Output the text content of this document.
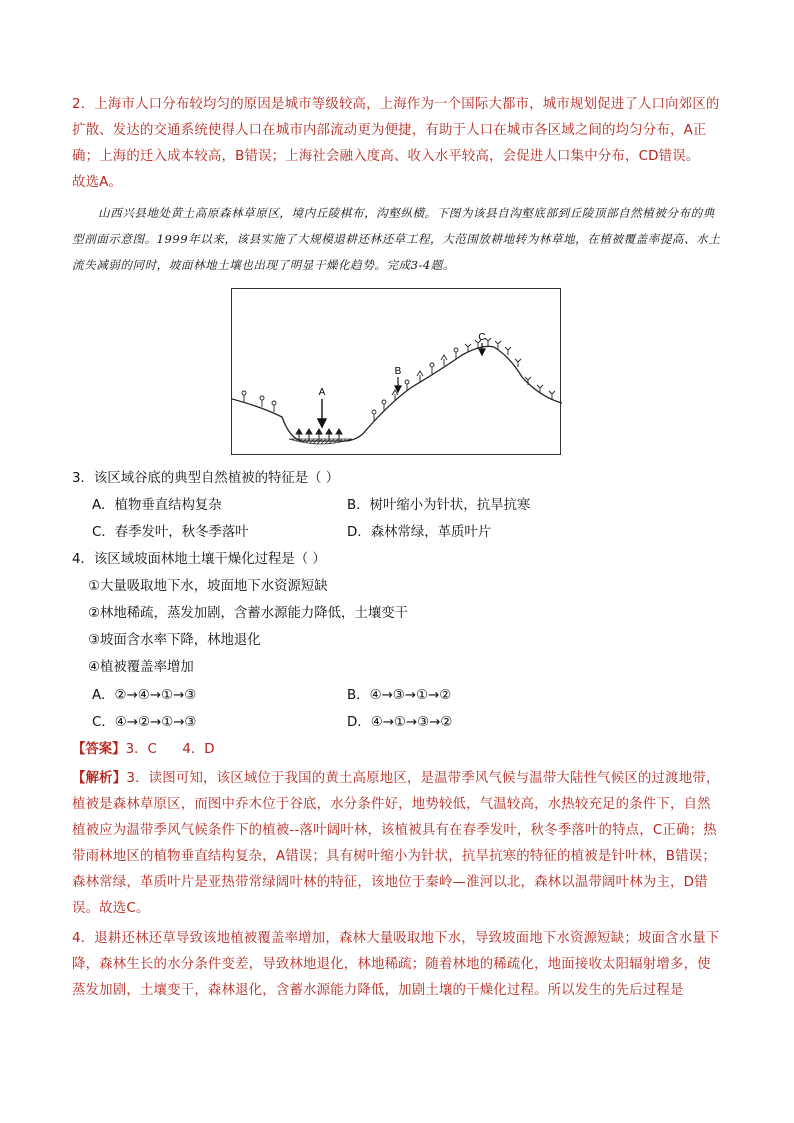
2．上海市人口分布较均匀的原因是城市等级较高，上海作为一个国际大都市，城市规划促进了人口向郊区的扩散、发达的交通系统使得人口在城市内部流动更为便捷，有助于人口在城市各区域之间的均匀分布，A正确；上海的迁入成本较高，B错误；上海社会融入度高、收入水平较高，会促进人口集中分布，CD错误。
故选A。
山西兴县地处黄土高原森林草原区，境内丘陵棋布，沟壑纵横。下图为该县自沟壑底部到丘陵顶部自然植被分布的典型剖面示意图。1999年以来，该县实施了大规模退耕还林还草工程，大范围放耕地转为林草地，在植被覆盖率提高、水土流失减弱的同时，坡面林地土壤也出现了明显干燥化趋势。完成3-4题。
A
B
C
3．该区域谷底的典型自然植被的特征是（ ）
A．植物垂直结构复杂	B．树叶缩小为针状，抗旱抗寒
C．春季发叶，秋冬季落叶	D．森林常绿，革质叶片
4．该区域坡面林地土壤干燥化过程是（ ）
①大量吸取地下水，坡面地下水资源短缺
②林地稀疏，蒸发加剧，含蓄水源能力降低，土壤变干
③坡面含水率下降，林地退化
④植被覆盖率增加
A．②→④→①→③	B．④→③→①→②
C．④→②→①→③	D．④→①→③→②
【答案】3．C      4．D
【解析】3．读图可知，该区域位于我国的黄土高原地区，是温带季风气候与温带大陆性气候区的过渡地带，植被是森林草原区，而图中乔木位于谷底，水分条件好，地势较低，气温较高，水热较充足的条件下，自然植被应为温带季风气候条件下的植被--落叶阔叶林，该植被具有在春季发叶，秋冬季落叶的特点，C正确；热带雨林地区的植物垂直结构复杂，A错误；具有树叶缩小为针状，抗旱抗寒的特征的植被是针叶林，B错误；森林常绿，革质叶片是亚热带常绿阔叶林的特征，该地位于秦岭—淮河以北，森林以温带阔叶林为主，D错误。故选C。
4．退耕还林还草导致该地植被覆盖率增加，森林大量吸取地下水，导致坡面地下水资源短缺；坡面含水量下降，森林生长的水分条件变差，导致林地退化，林地稀疏；随着林地的稀疏化，地面接收太阳辐射增多，使蒸发加剧，土壤变干，森林退化，含蓄水源能力降低，加剧土壤的干燥化过程。所以发生的先后过程是
